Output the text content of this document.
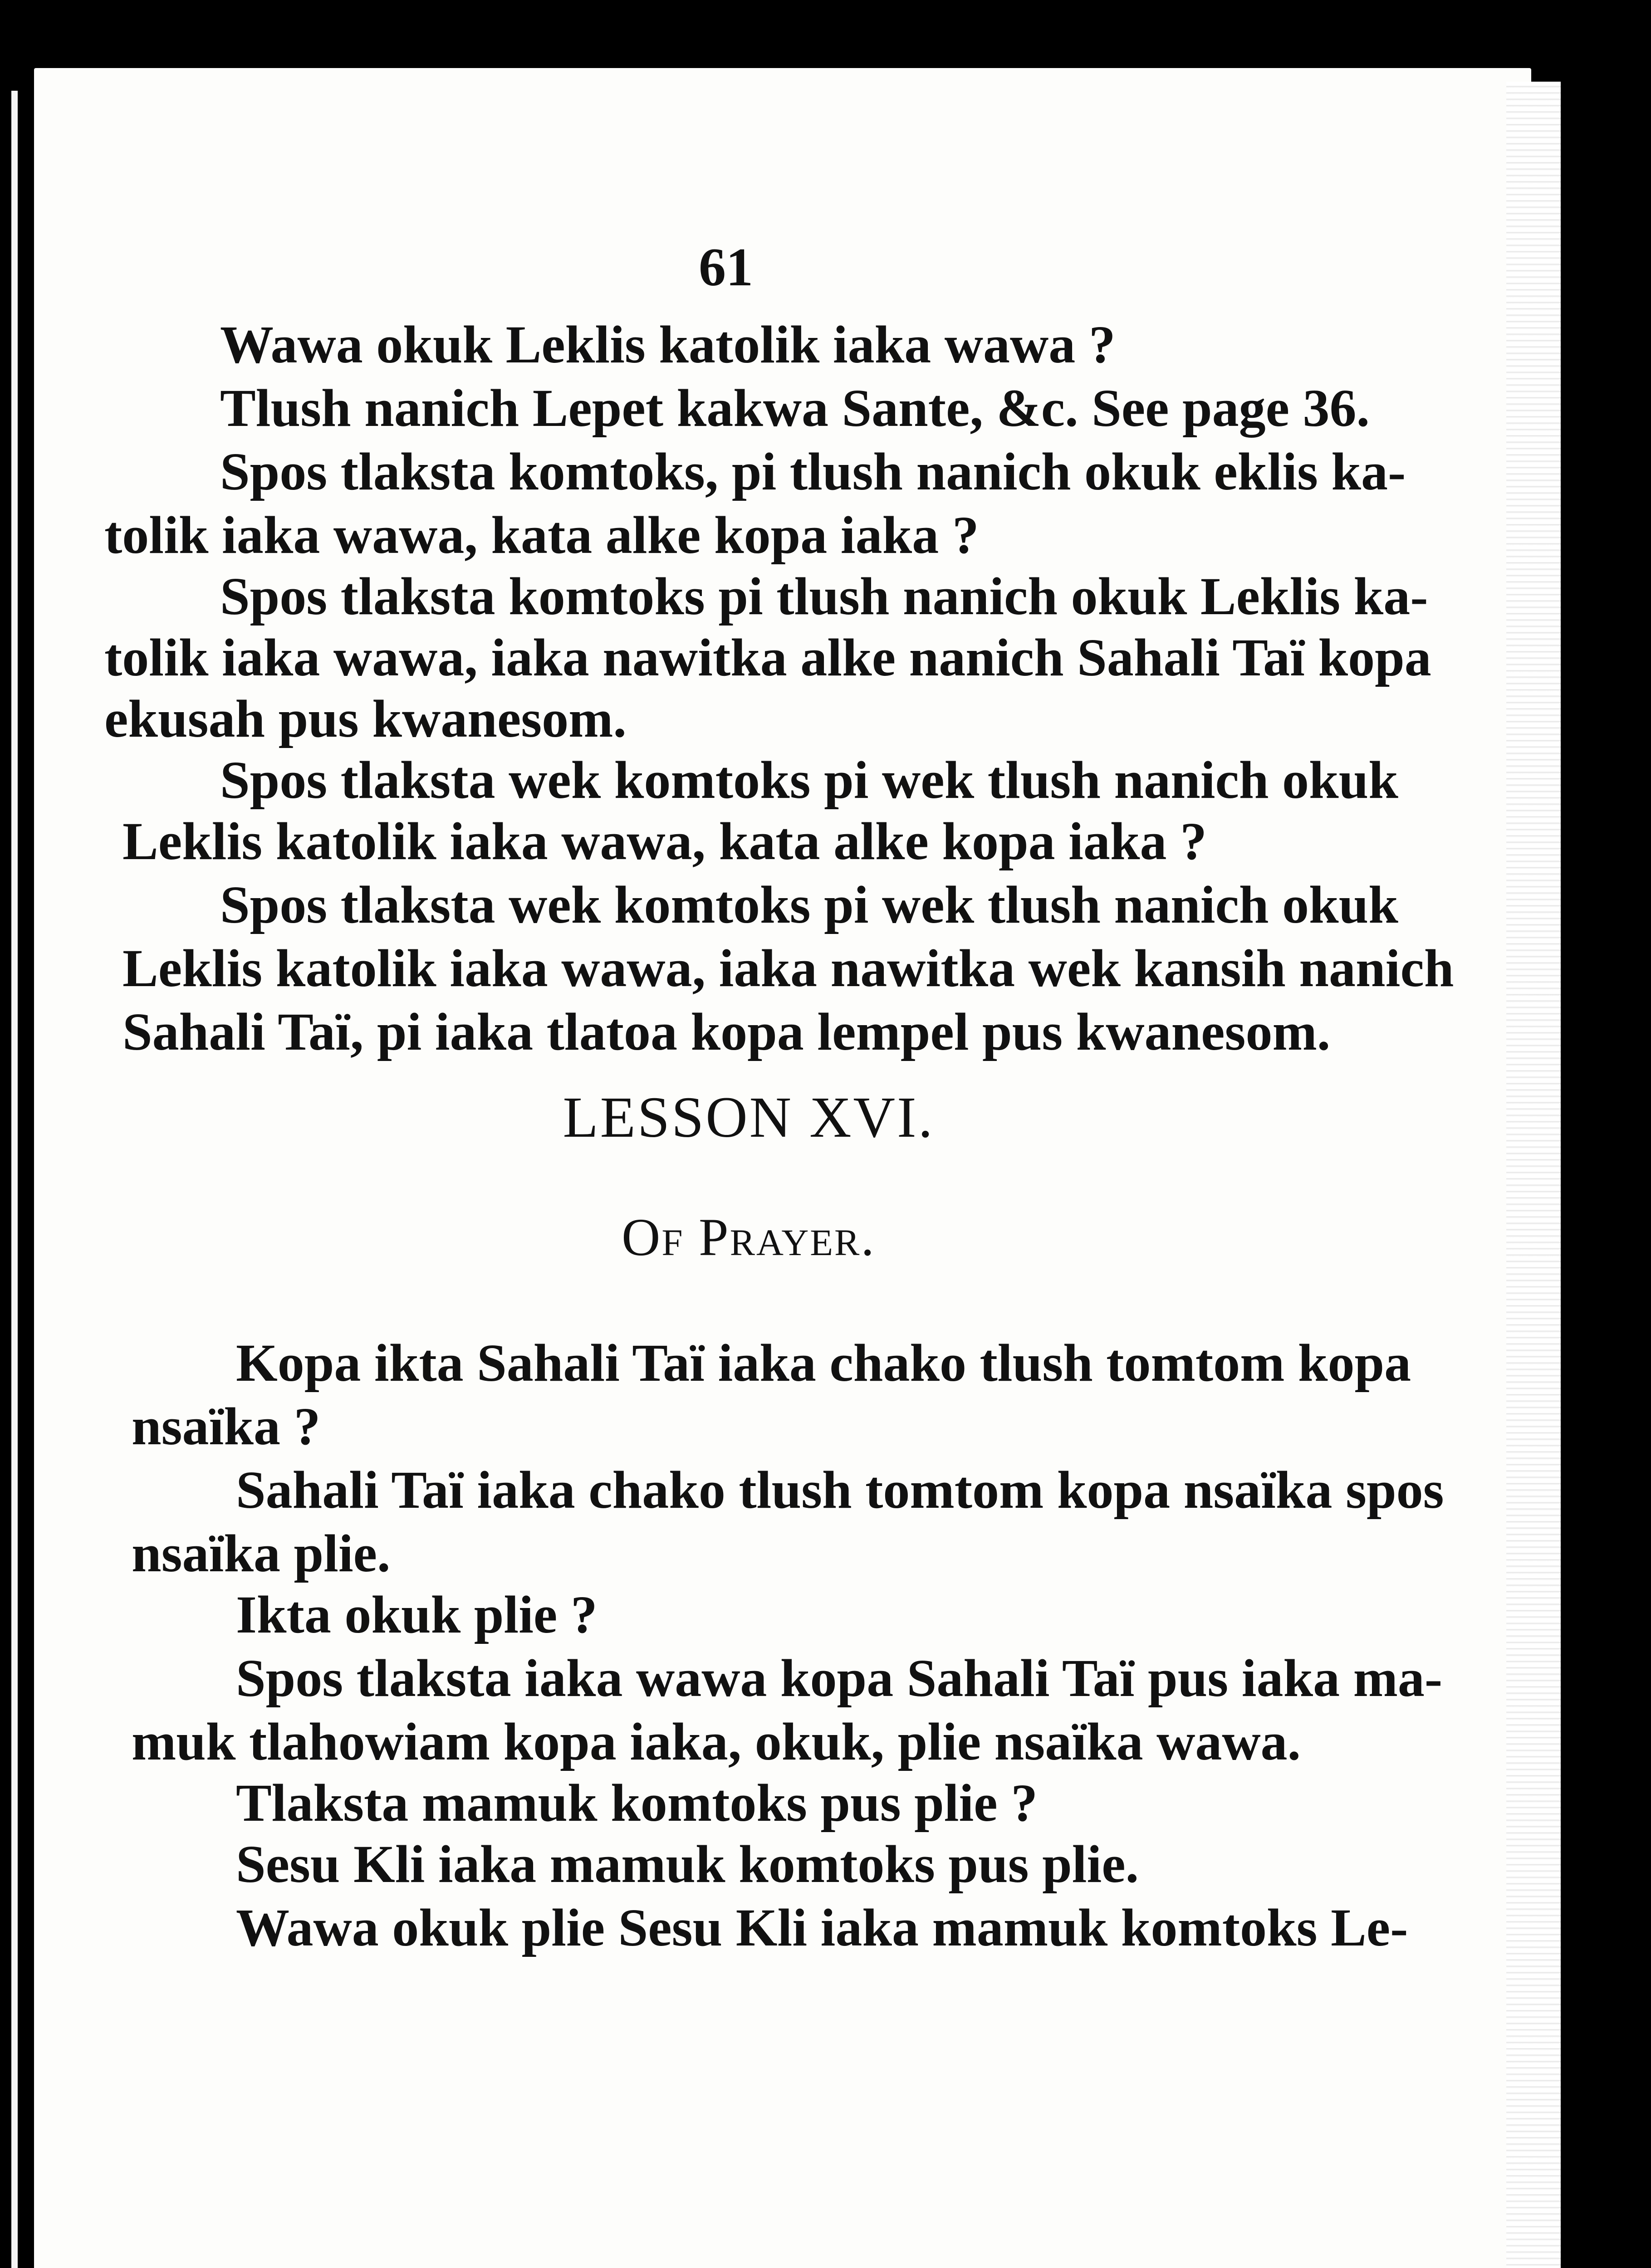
61
Wawa okuk Leklis katolik iaka wawa ?
Tlush nanich Lepet kakwa Sante, &c. See page 36.
Spos tlaksta komtoks, pi tlush nanich okuk eklis ka-
tolik iaka wawa, kata alke kopa iaka ?
Spos tlaksta komtoks pi tlush nanich okuk Leklis ka-
tolik iaka wawa, iaka nawitka alke nanich Sahali Taï kopa
ekusah pus kwanesom.
Spos tlaksta wek komtoks pi wek tlush nanich okuk
Leklis katolik iaka wawa, kata alke kopa iaka ?
Spos tlaksta wek komtoks pi wek tlush nanich okuk
Leklis katolik iaka wawa, iaka nawitka wek kansih nanich
Sahali Taï, pi iaka tlatoa kopa lempel pus kwanesom.
LESSON XVI.
Of Prayer.
Kopa ikta Sahali Taï iaka chako tlush tomtom kopa
nsaïka ?
Sahali Taï iaka chako tlush tomtom kopa nsaïka spos
nsaïka plie.
Ikta okuk plie ?
Spos tlaksta iaka wawa kopa Sahali Taï pus iaka ma-
muk tlahowiam kopa iaka, okuk, plie nsaïka wawa.
Tlaksta mamuk komtoks pus plie ?
Sesu Kli iaka mamuk komtoks pus plie.
Wawa okuk plie Sesu Kli iaka mamuk komtoks Le-
